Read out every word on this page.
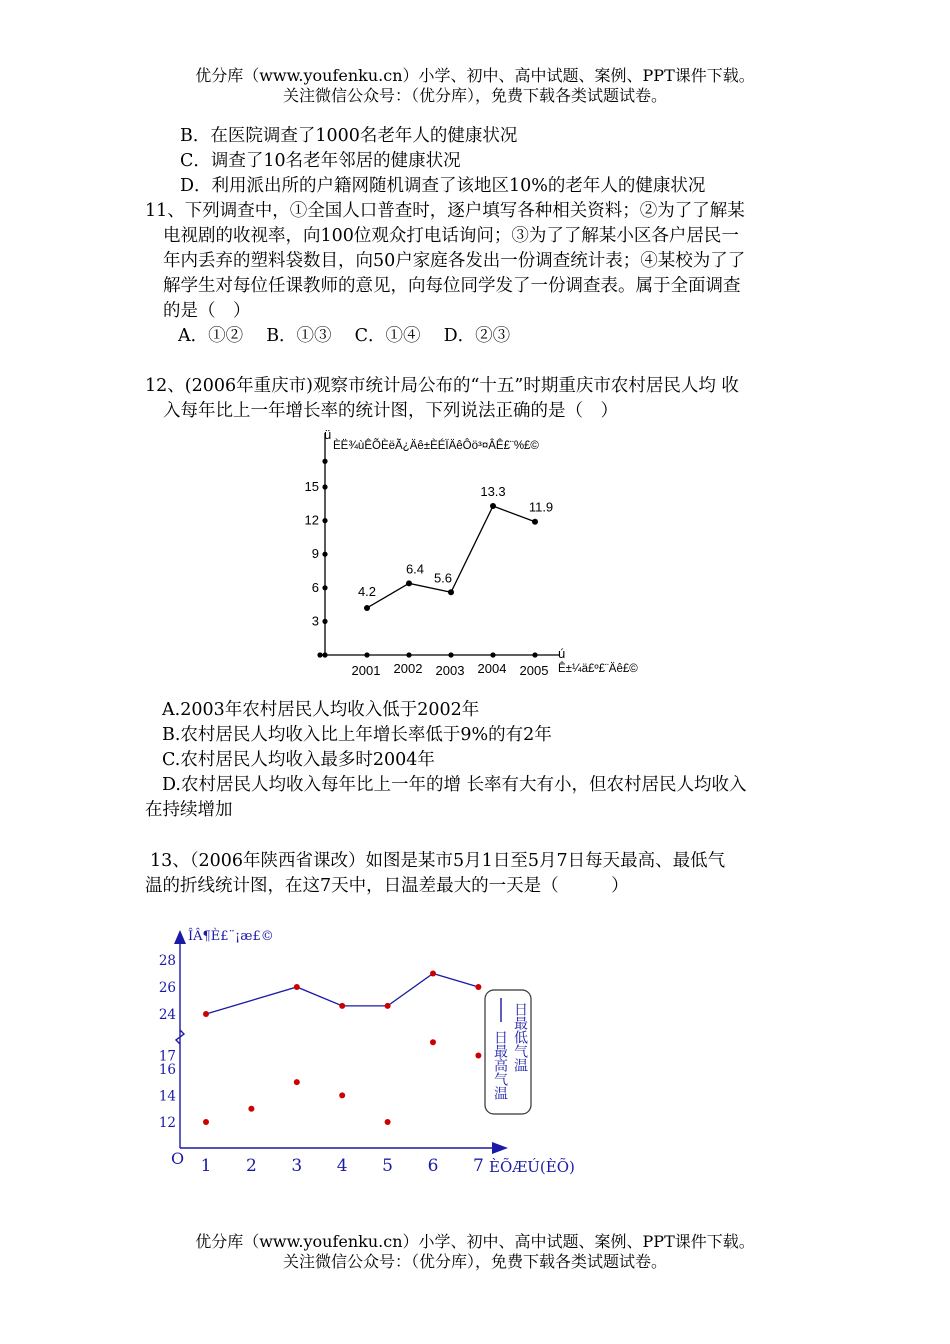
优分库（www.youfenku.cn）小学、初中、高中试题、案例、PPT课件下载。
关注微信公众号：（优分库），免费下载各类试题试卷。
B．在医院调查了1000名老年人的健康状况
C．调查了10名老年邻居的健康状况
D．利用派出所的户籍网随机调查了该地区10%的老年人的健康状况
11、下列调查中，①全国人口普查时，逐户填写各种相关资料；②为了了解某
电视剧的收视率，向100位观众打电话询问；③为了了解某小区各户居民一
年内丢弃的塑料袋数目，向50户家庭各发出一份调查统计表；④某校为了了
解学生对每位任课教师的意见，向每位同学发了一份调查表。属于全面调查
的是（　）
A．①②　 B．①③　 C．①④　 D．②③
12、(2006年重庆市)观察市统计局公布的“十五”时期重庆市农村居民人均 收
入每年比上一年增长率的统计图，下列说法正确的是（　）
ü
ÈË¾ùÊÕÈëÃ¿Äê±ÈÉÏÄêÔö³¤ÂÊ£¨%£©
ú
Ê±¼ä£º£¨Äê£©
3
6
9
12
15
2001 2002 2003 2004 2005
4.2
6.4
5.6
13.3
11.9
A.2003年农村居民人均收入低于2002年
B.农村居民人均收入比上年增长率低于9%的有2年
C.农村居民人均收入最多时2004年
D.农村居民人均收入每年比上一年的增 长率有大有小，但农村居民人均收入
在持续增加
13、（2006年陕西省课改）如图是某市5月1日至5月7日每天最高、最低气
温的折线统计图，在这7天中，日温差最大的一天是（　　　）
ÎÂ¶È£¨¡æ£©
ÈÕÆÚ(ÈÕ)
O
12
14
16
17
24
26
28
1 2 3 4 5 6 7
日最高气温 日最低气温
优分库（www.youfenku.cn）小学、初中、高中试题、案例、PPT课件下载。
关注微信公众号：（优分库），免费下载各类试题试卷。
